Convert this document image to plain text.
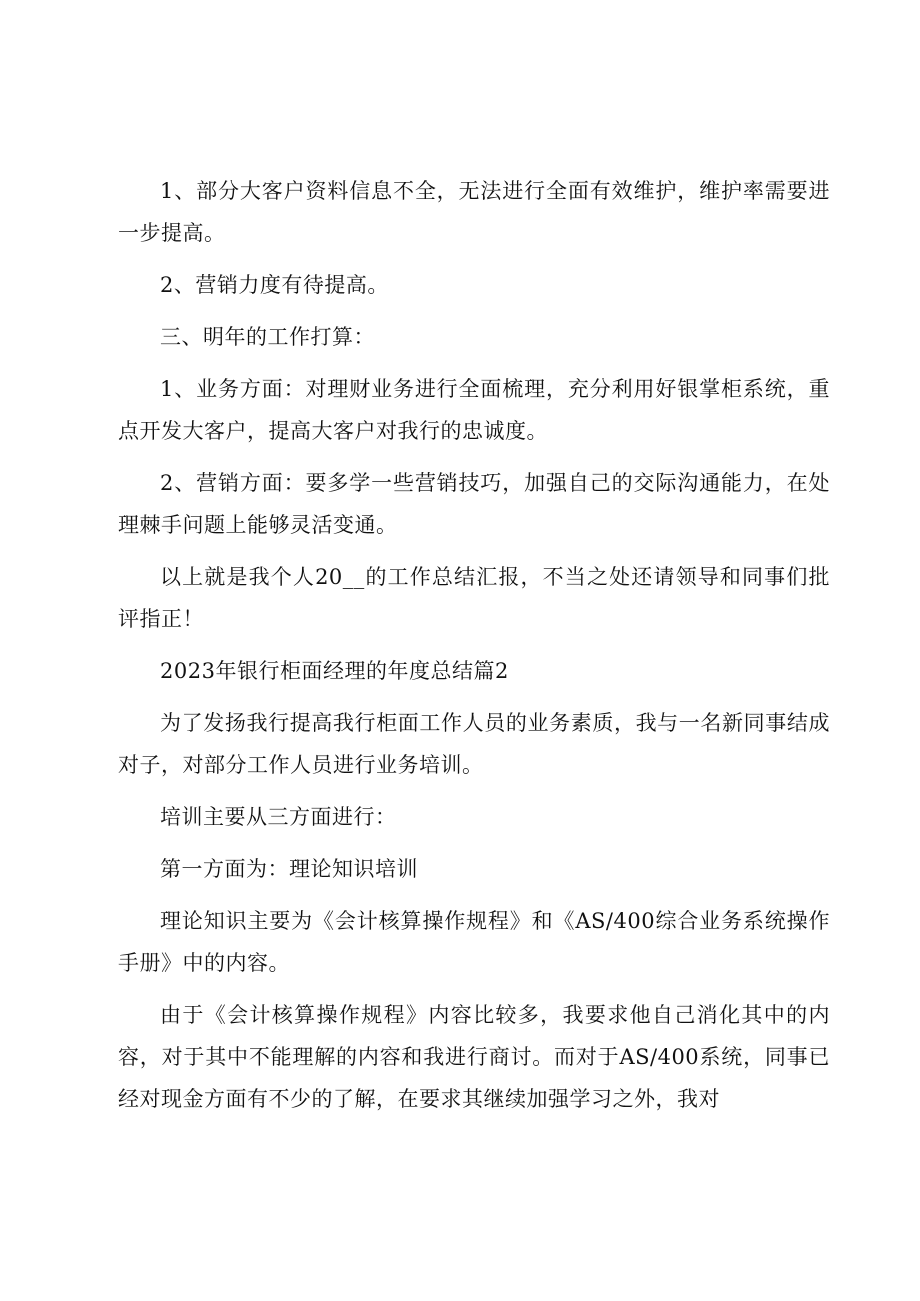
1、部分大客户资料信息不全，无法进行全面有效维护，维护率需要进一步提高。

2、营销力度有待提高。

三、明年的工作打算：

1、业务方面：对理财业务进行全面梳理，充分利用好银掌柜系统，重点开发大客户，提高大客户对我行的忠诚度。

2、营销方面：要多学一些营销技巧，加强自己的交际沟通能力，在处理棘手问题上能够灵活变通。

以上就是我个人20__的工作总结汇报，不当之处还请领导和同事们批评指正！

2023年银行柜面经理的年度总结篇2

为了发扬我行提高我行柜面工作人员的业务素质，我与一名新同事结成对子，对部分工作人员进行业务培训。

培训主要从三方面进行：

第一方面为：理论知识培训

理论知识主要为《会计核算操作规程》和《AS/400综合业务系统操作手册》中的内容。

由于《会计核算操作规程》内容比较多，我要求他自己消化其中的内容，对于其中不能理解的内容和我进行商讨。而对于AS/400系统，同事已经对现金方面有不少的了解，在要求其继续加强学习之外，我对
